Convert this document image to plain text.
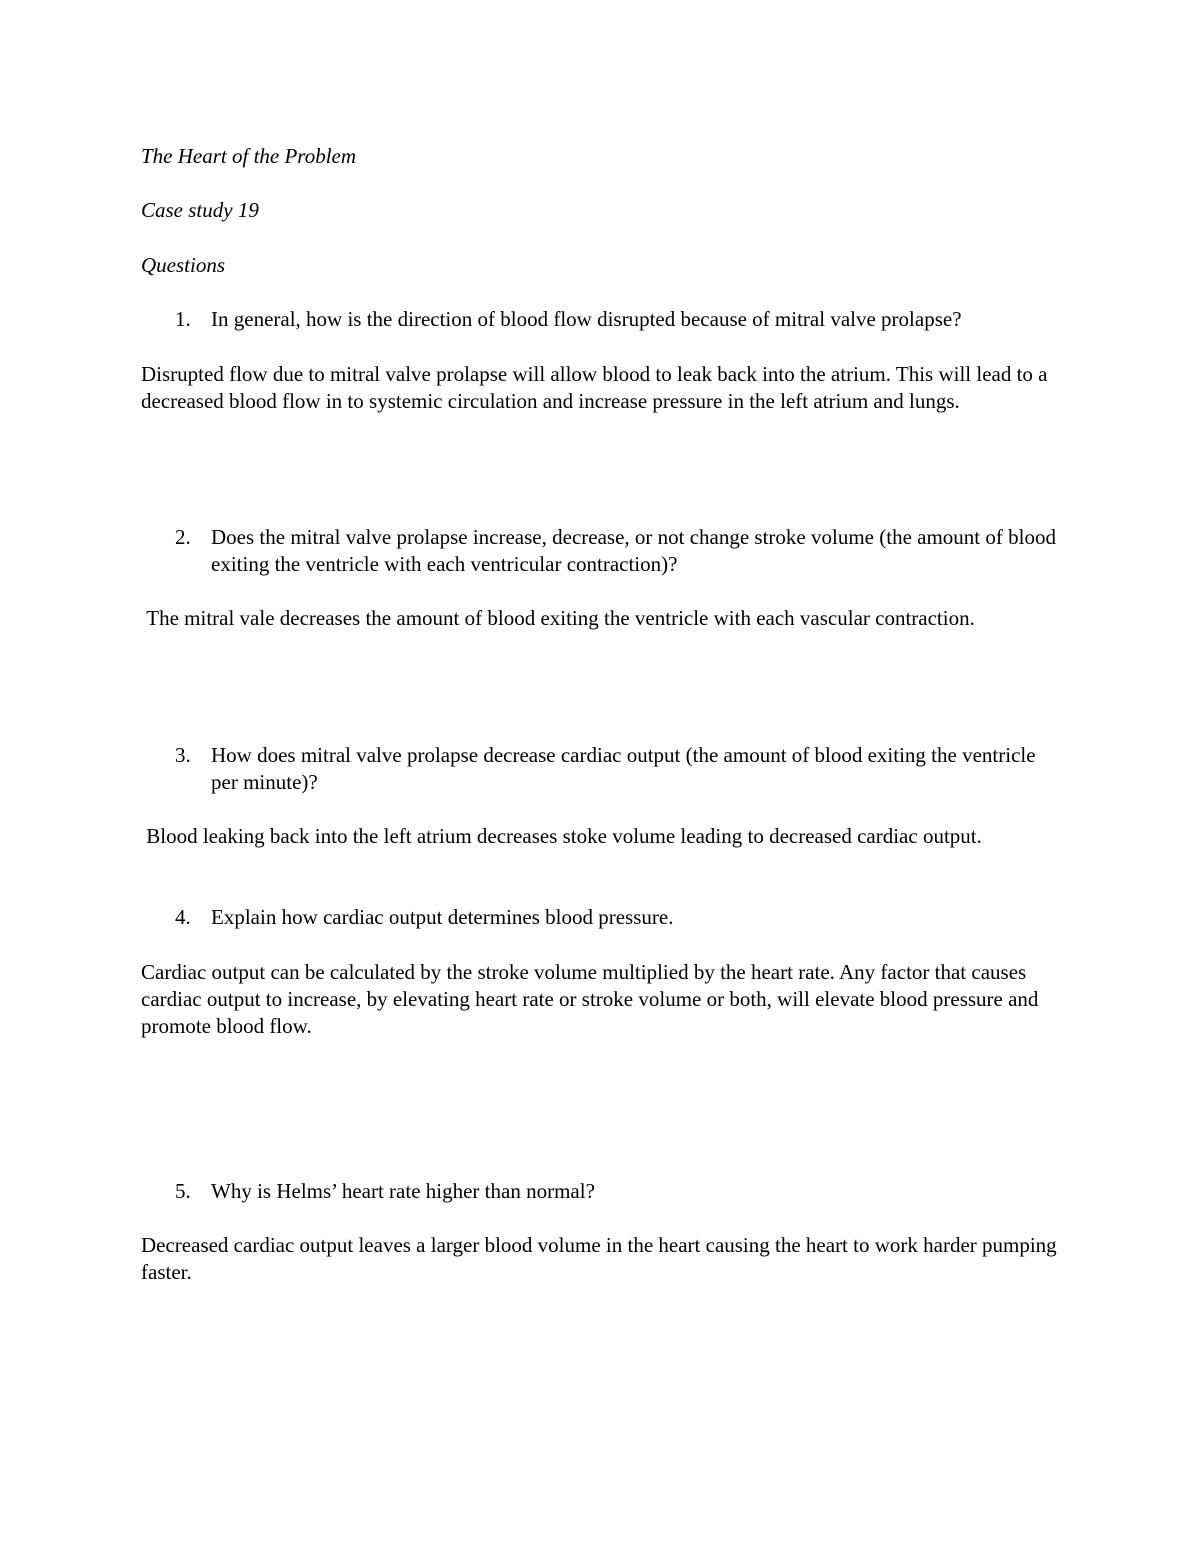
The Heart of the Problem
Case study 19
Questions
1. In general, how is the direction of blood flow disrupted because of mitral valve prolapse?
Disrupted flow due to mitral valve prolapse will allow blood to leak back into the atrium. This will lead to a decreased blood flow in to systemic circulation and increase pressure in the left atrium and lungs.
2. Does the mitral valve prolapse increase, decrease, or not change stroke volume (the amount of blood exiting the ventricle with each ventricular contraction)?
The mitral vale decreases the amount of blood exiting the ventricle with each vascular contraction.
3. How does mitral valve prolapse decrease cardiac output (the amount of blood exiting the ventricle per minute)?
Blood leaking back into the left atrium decreases stoke volume leading to decreased cardiac output.
4. Explain how cardiac output determines blood pressure.
Cardiac output can be calculated by the stroke volume multiplied by the heart rate. Any factor that causes cardiac output to increase, by elevating heart rate or stroke volume or both, will elevate blood pressure and promote blood flow.
5. Why is Helms’ heart rate higher than normal?
Decreased cardiac output leaves a larger blood volume in the heart causing the heart to work harder pumping faster.
